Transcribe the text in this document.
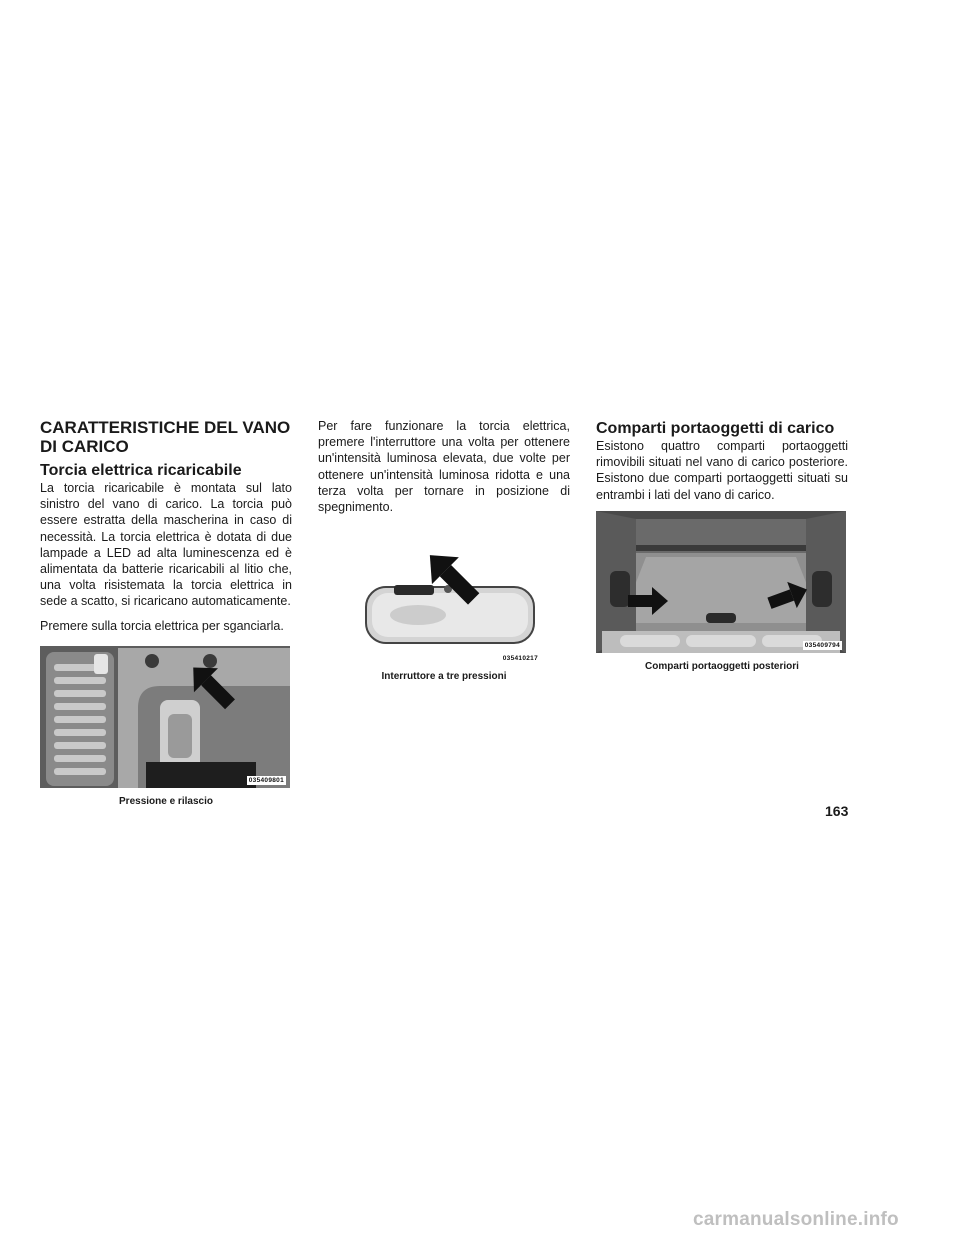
CARATTERISTICHE DEL VANO DI CARICO
Torcia elettrica ricaricabile

La torcia ricaricabile è montata sul lato sinistro del vano di carico. La torcia può essere estratta della mascherina in caso di necessità. La torcia elettrica è dotata di due lampade a LED ad alta luminescenza ed è alimentata da batterie ricaricabili al litio che, una volta risistemata la torcia elettrica in sede a scatto, si ricaricano automaticamente.

Premere sulla torcia elettrica per sganciarla.

035409801
Pressione e rilascio

Per fare funzionare la torcia elettrica, premere l'interruttore una volta per ottenere un'intensità luminosa elevata, due volte per ottenere un'intensità luminosa ridotta e una terza volta per tornare in posizione di spegnimento.

035410217
Interruttore a tre pressioni
Comparti portaoggetti di carico

Esistono quattro comparti portaoggetti rimovibili situati nel vano di carico posteriore. Esistono due comparti portaoggetti situati su entrambi i lati del vano di carico.

035409794
Comparti portaoggetti posteriori
163
carmanualsonline.info
